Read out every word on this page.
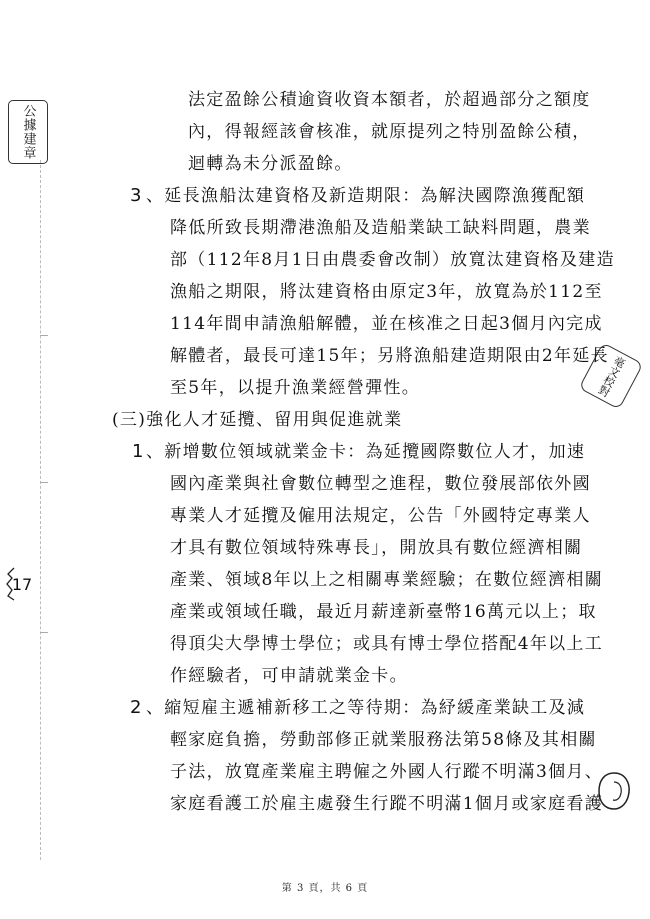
公據建章
17
毫文校對
法定盈餘公積逾資收資本額者，於超過部分之額度
內，得報經該會核准，就原提列之特別盈餘公積，
迴轉為未分派盈餘。
3 、延長漁船汰建資格及新造期限：為解決國際漁獲配額
降低所致長期滯港漁船及造船業缺工缺料問題，農業
部（112年8月1日由農委會改制）放寬汰建資格及建造
漁船之期限，將汰建資格由原定3年，放寬為於112至
114年間申請漁船解體，並在核准之日起3個月內完成
解體者，最長可達15年；另將漁船建造期限由2年延長
至5年，以提升漁業經營彈性。
(三)強化人才延攬、留用與促進就業
1 、新增數位領域就業金卡：為延攬國際數位人才，加速
國內產業與社會數位轉型之進程，數位發展部依外國
專業人才延攬及僱用法規定，公告「外國特定專業人
才具有數位領域特殊專長」，開放具有數位經濟相關
產業、領域8年以上之相關專業經驗；在數位經濟相關
產業或領域任職，最近月薪達新臺幣16萬元以上；取
得頂尖大學博士學位；或具有博士學位搭配4年以上工
作經驗者，可申請就業金卡。
2 、縮短雇主遞補新移工之等待期：為紓緩產業缺工及減
輕家庭負擔，勞動部修正就業服務法第58條及其相關
子法，放寬產業雇主聘僱之外國人行蹤不明滿3個月、
家庭看護工於雇主處發生行蹤不明滿1個月或家庭看護
第 3 頁，共 6 頁
